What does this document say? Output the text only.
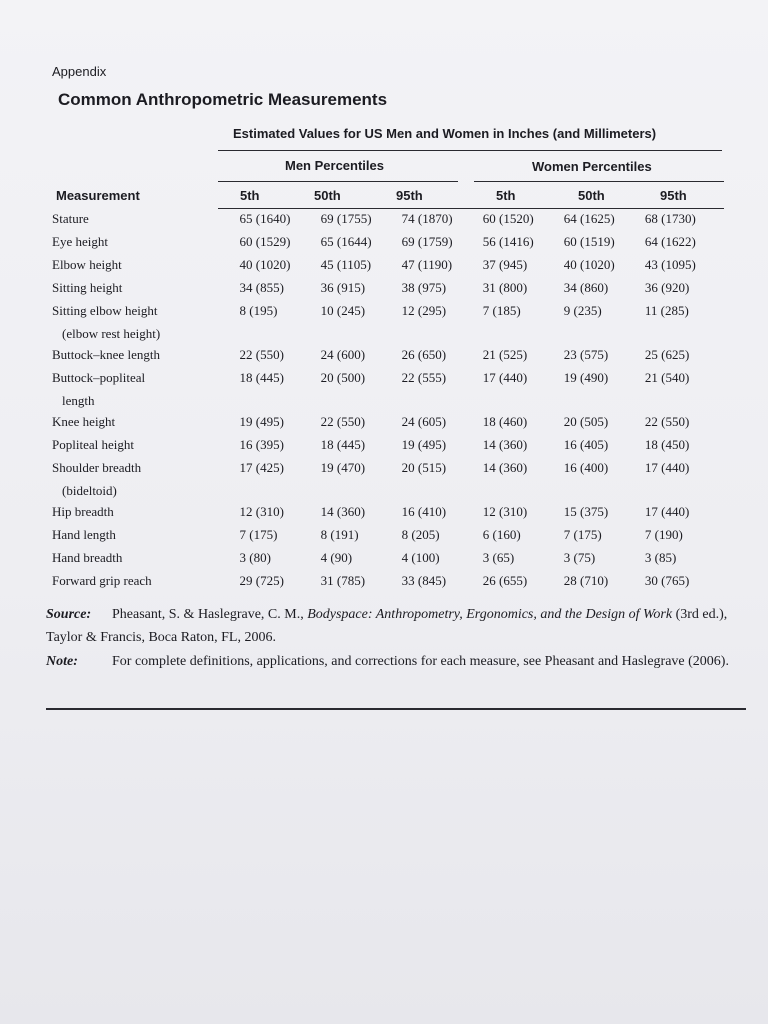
Appendix
Common Anthropometric Measurements
Estimated Values for US Men and Women in Inches (and Millimeters)
Men Percentiles	Women Percentiles
Measurement	5th	50th	95th	5th	50th	95th
Stature	65 (1640)	69 (1755)	74 (1870)	60 (1520)	64 (1625)	68 (1730)
Eye height	60 (1529)	65 (1644)	69 (1759)	56 (1416)	60 (1519)	64 (1622)
Elbow height	40 (1020)	45 (1105)	47 (1190)	37 (945)	40 (1020)	43 (1095)
Sitting height	34 (855)	36 (915)	38 (975)	31 (800)	34 (860)	36 (920)
Sitting elbow height	8 (195)	10 (245)	12 (295)	7 (185)	9 (235)	11 (285)
(elbow rest height)						
Buttock–knee length	22 (550)	24 (600)	26 (650)	21 (525)	23 (575)	25 (625)
Buttock–popliteal	18 (445)	20 (500)	22 (555)	17 (440)	19 (490)	21 (540)
length						
Knee height	19 (495)	22 (550)	24 (605)	18 (460)	20 (505)	22 (550)
Popliteal height	16 (395)	18 (445)	19 (495)	14 (360)	16 (405)	18 (450)
Shoulder breadth	17 (425)	19 (470)	20 (515)	14 (360)	16 (400)	17 (440)
(bideltoid)						
Hip breadth	12 (310)	14 (360)	16 (410)	12 (310)	15 (375)	17 (440)
Hand length	7 (175)	8 (191)	8 (205)	6 (160)	7 (175)	7 (190)
Hand breadth	3 (80)	4 (90)	4 (100)	3 (65)	3 (75)	3 (85)
Forward grip reach	29 (725)	31 (785)	33 (845)	26 (655)	28 (710)	30 (765)
Source: Pheasant, S. & Haslegrave, C. M., Bodyspace: Anthropometry, Ergonomics, and the Design of Work (3rd ed.), Taylor & Francis, Boca Raton, FL, 2006.
Note: For complete definitions, applications, and corrections for each measure, see Pheasant and Haslegrave (2006).
